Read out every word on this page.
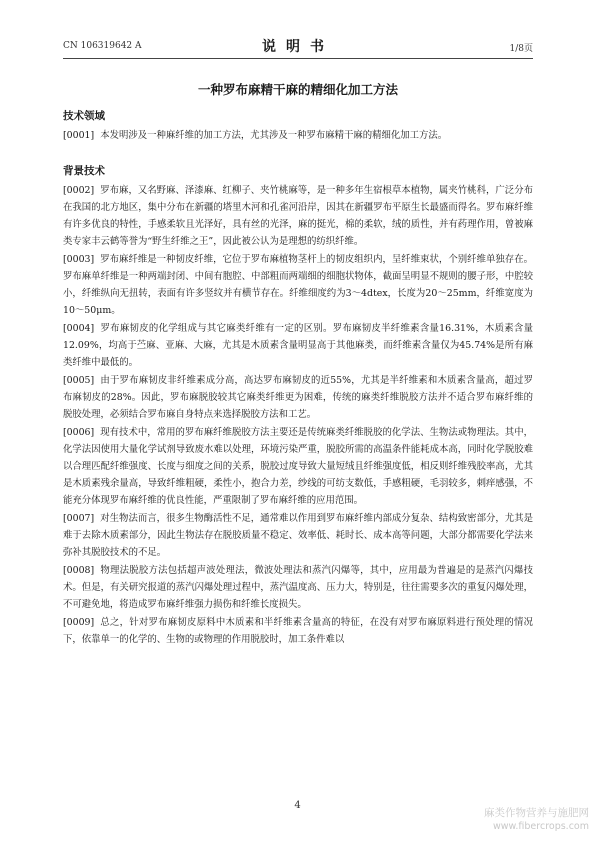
CN 106319642 A	说明书	1/8页
一种罗布麻精干麻的精细化加工方法
技术领域

[0001] 本发明涉及一种麻纤维的加工方法，尤其涉及一种罗布麻精干麻的精细化加工方法。

背景技术

[0002] 罗布麻，又名野麻、泽漆麻、红柳子、夹竹桃麻等，是一种多年生宿根草本植物，属夹竹桃科，广泛分布在我国的北方地区，集中分布在新疆的塔里木河和孔雀河沿岸，因其在新疆罗布平原生长最盛而得名。罗布麻纤维有许多优良的特性，手感柔软且光泽好，具有丝的光泽，麻的挺光，棉的柔软，绒的质性，并有药理作用，曾被麻类专家丰云鹤等誉为“野生纤维之王”，因此被公认为是理想的纺织纤维。

[0003] 罗布麻纤维是一种韧皮纤维，它位于罗布麻植物茎杆上的韧皮组织内，呈纤维束状，个别纤维单独存在。罗布麻单纤维是一种两端封闭、中间有胞腔、中部粗而两端细的细胞状物体，截面呈明显不规则的腰子形，中腔较小，纤维纵向无扭转，表面有许多竖纹并有横节存在。纤维细度约为3～4dtex，长度为20～25mm，纤维宽度为10～50μm。

[0004] 罗布麻韧皮的化学组成与其它麻类纤维有一定的区别。罗布麻韧皮半纤维素含量16.31%，木质素含量12.09%，均高于苎麻、亚麻、大麻，尤其是木质素含量明显高于其他麻类，而纤维素含量仅为45.74%是所有麻类纤维中最低的。

[0005] 由于罗布麻韧皮非纤维素成分高，高达罗布麻韧皮的近55%，尤其是半纤维素和木质素含量高，超过罗布麻韧皮的28%。因此，罗布麻脱胶较其它麻类纤维更为困难，传统的麻类纤维脱胶方法并不适合罗布麻纤维的脱胶处理，必须结合罗布麻自身特点来选择脱胶方法和工艺。

[0006] 现有技术中，常用的罗布麻纤维脱胶方法主要还是传统麻类纤维脱胶的化学法、生物法或物理法。其中，化学法因使用大量化学试剂导致废水难以处理，环境污染严重，脱胶所需的高温条件能耗成本高，同时化学脱胶难以合理匹配纤维强度、长度与细度之间的关系，脱胶过度导致大量短绒且纤维强度低，相反则纤维残胶率高，尤其是木质素残余量高，导致纤维粗硬，柔性小，抱合力差，纱线的可纺支数低，手感粗硬，毛羽较多，刺痒感强，不能充分体现罗布麻纤维的优良性能，严重限制了罗布麻纤维的应用范围。

[0007] 对生物法而言，很多生物酶活性不足，通常难以作用到罗布麻纤维内部成分复杂、结构致密部分，尤其是难于去除木质素部分，因此生物法存在脱胶质量不稳定、效率低、耗时长、成本高等问题，大部分都需要化学法来弥补其脱胶技术的不足。

[0008] 物理法脱胶方法包括超声波处理法，微波处理法和蒸汽闪爆等，其中，应用最为普遍是的是蒸汽闪爆技术。但是，有关研究报道的蒸汽闪爆处理过程中，蒸汽温度高、压力大，特别是，往往需要多次的重复闪爆处理，不可避免地，将造成罗布麻纤维强力损伤和纤维长度损失。

[0009] 总之，针对罗布麻韧皮原料中木质素和半纤维素含量高的特征，在没有对罗布麻原料进行预处理的情况下，依靠单一的化学的、生物的或物理的作用脱胶时，加工条件难以

4
麻类作物营养与施肥网
www.fibercrops.com
